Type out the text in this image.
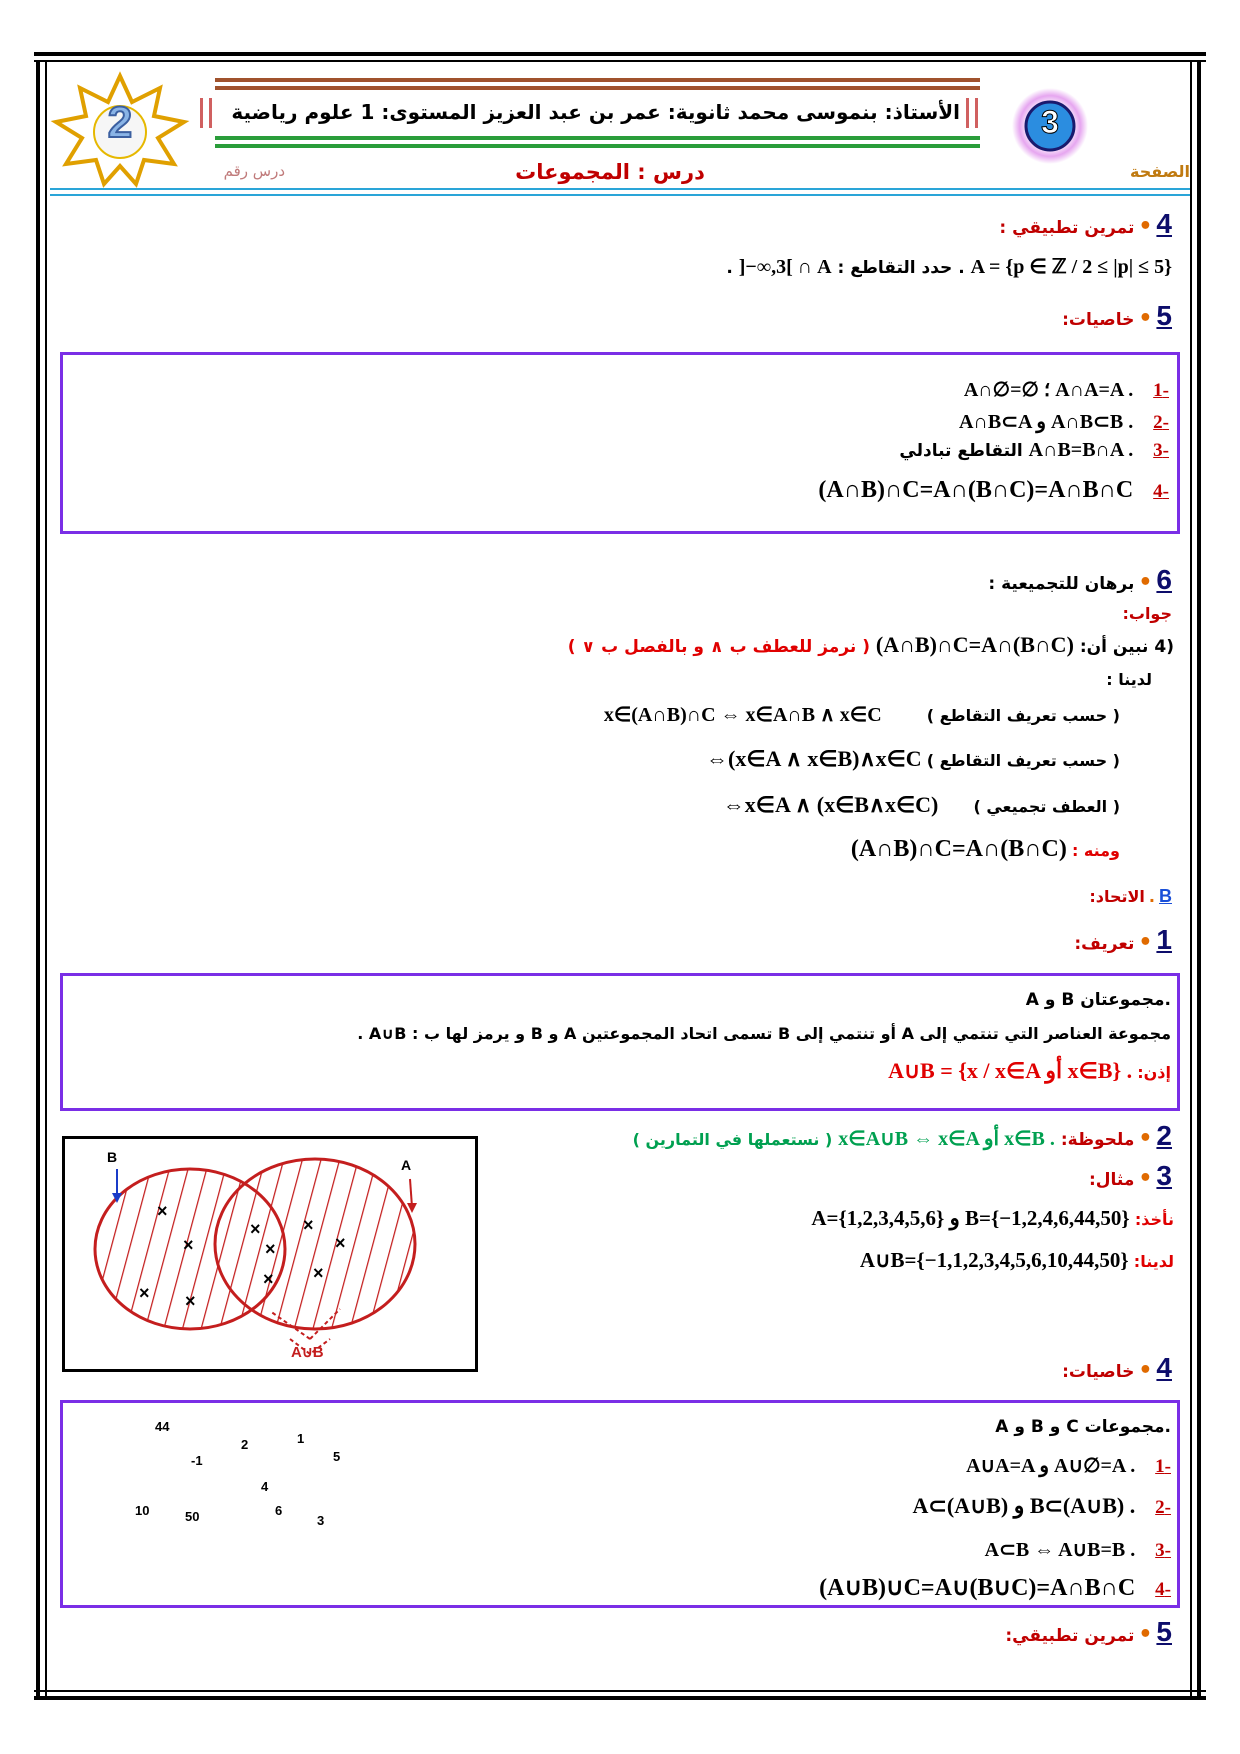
الأستاذ: بنموسى محمد ثانوية: عمر بن عبد العزيز المستوى: 1 علوم رياضية
درس : المجموعات	الصفحة
درس رقم
2	3
4
•
تمرين تطبيقي :
A = {p ∈ ℤ / 2 ≤ |p| ≤ 5} . حدد التقاطع : ]−∞,3[ ∩ A .
5
•
خاصيات:
-1 A∩∅=∅ ؛ A∩A=A .
-2 A∩B⊂A و A∩B⊂B .
-3 A∩B=B∩A . التقاطع تبادلي
-4 (A∩B)∩C=A∩(B∩C)=A∩B∩C
6
•
برهان للتجميعية :
جواب:
(4 نبين أن: (A∩B)∩C=A∩(B∩C) ( نرمز للعطف ب ∧ و بالفصل ب ∨ )
لدينا :
( حسب تعريف التقاطع ) x∈(A∩B)∩C ⇔ x∈A∩B ∧ x∈C
( حسب تعريف التقاطع ) ⇔(x∈A ∧ x∈B)∧x∈C
( العطف تجميعي ) ⇔x∈A ∧ (x∈B∧x∈C)
ومنه : (A∩B)∩C=A∩(B∩C)
B
.
الاتحاد:
1
•
تعريف:
A و B مجموعتان.
مجموعة العناصر التي تنتمي إلى A أو تنتمي إلى B تسمى اتحاد المجموعتين A و B و يرمز لها ب : A∪B .
إذن: A∪B = {x / x∈A أو x∈B} .
2
•
ملحوظة:
x∈A∪B ⇔ x∈A أو x∈B .
( نستعملها في التمارين )
3
•
مثال:
نأخذ: A={1,2,3,4,5,6} و B={−1,2,4,6,44,50}
لدينا: A∪B={−1,1,2,3,4,5,6,10,44,50}
×
×
× ×
×
×
× ×
× ×
B	A
A∪B
44
-1
2	1
5
4
6
3
10	50
4
•
خاصيات:
A و B و C مجموعات.
-1 A∪A=A و A∪∅=A .
-2 A⊂(A∪B) و B⊂(A∪B) .
-3 A⊂B ⇔ A∪B=B .
-4 (A∪B)∪C=A∪(B∪C)=A∩B∩C
5
•
تمرين تطبيقي:
